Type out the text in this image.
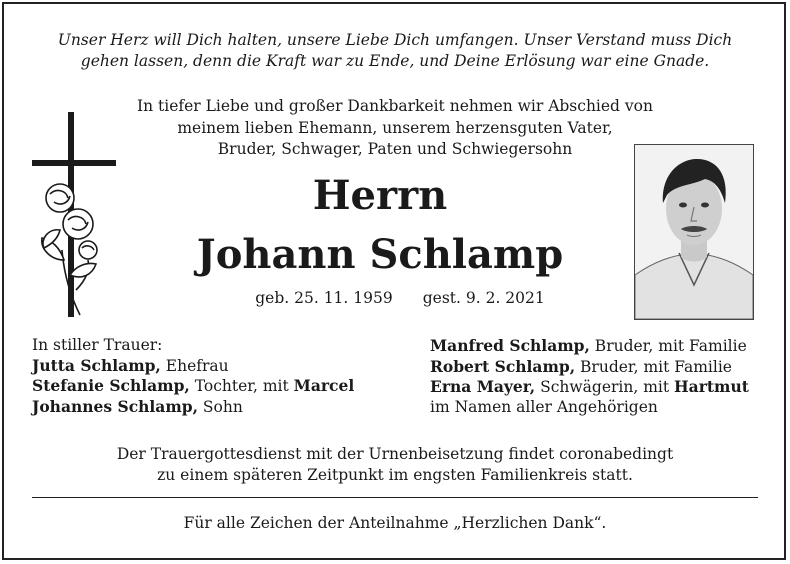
Unser Herz will Dich halten, unsere Liebe Dich umfangen. Unser Verstand muss Dich
gehen lassen, denn die Kraft war zu Ende, und Deine Erlösung war eine Gnade.
In tiefer Liebe und großer Dankbarkeit nehmen wir Abschied von
meinem lieben Ehemann, unserem herzensguten Vater,
Bruder, Schwager, Paten und Schwiegersohn
Herrn
Johann Schlamp
geb. 25. 11. 1959 gest. 9. 2. 2021
In stiller Trauer:
Jutta Schlamp, Ehefrau
Stefanie Schlamp, Tochter, mit Marcel
Johannes Schlamp, Sohn
Manfred Schlamp, Bruder, mit Familie
Robert Schlamp, Bruder, mit Familie
Erna Mayer, Schwägerin, mit Hartmut
im Namen aller Angehörigen
Der Trauergottesdienst mit der Urnenbeisetzung findet coronabedingt
zu einem späteren Zeitpunkt im engsten Familienkreis statt.
Für alle Zeichen der Anteilnahme „Herzlichen Dank“.
